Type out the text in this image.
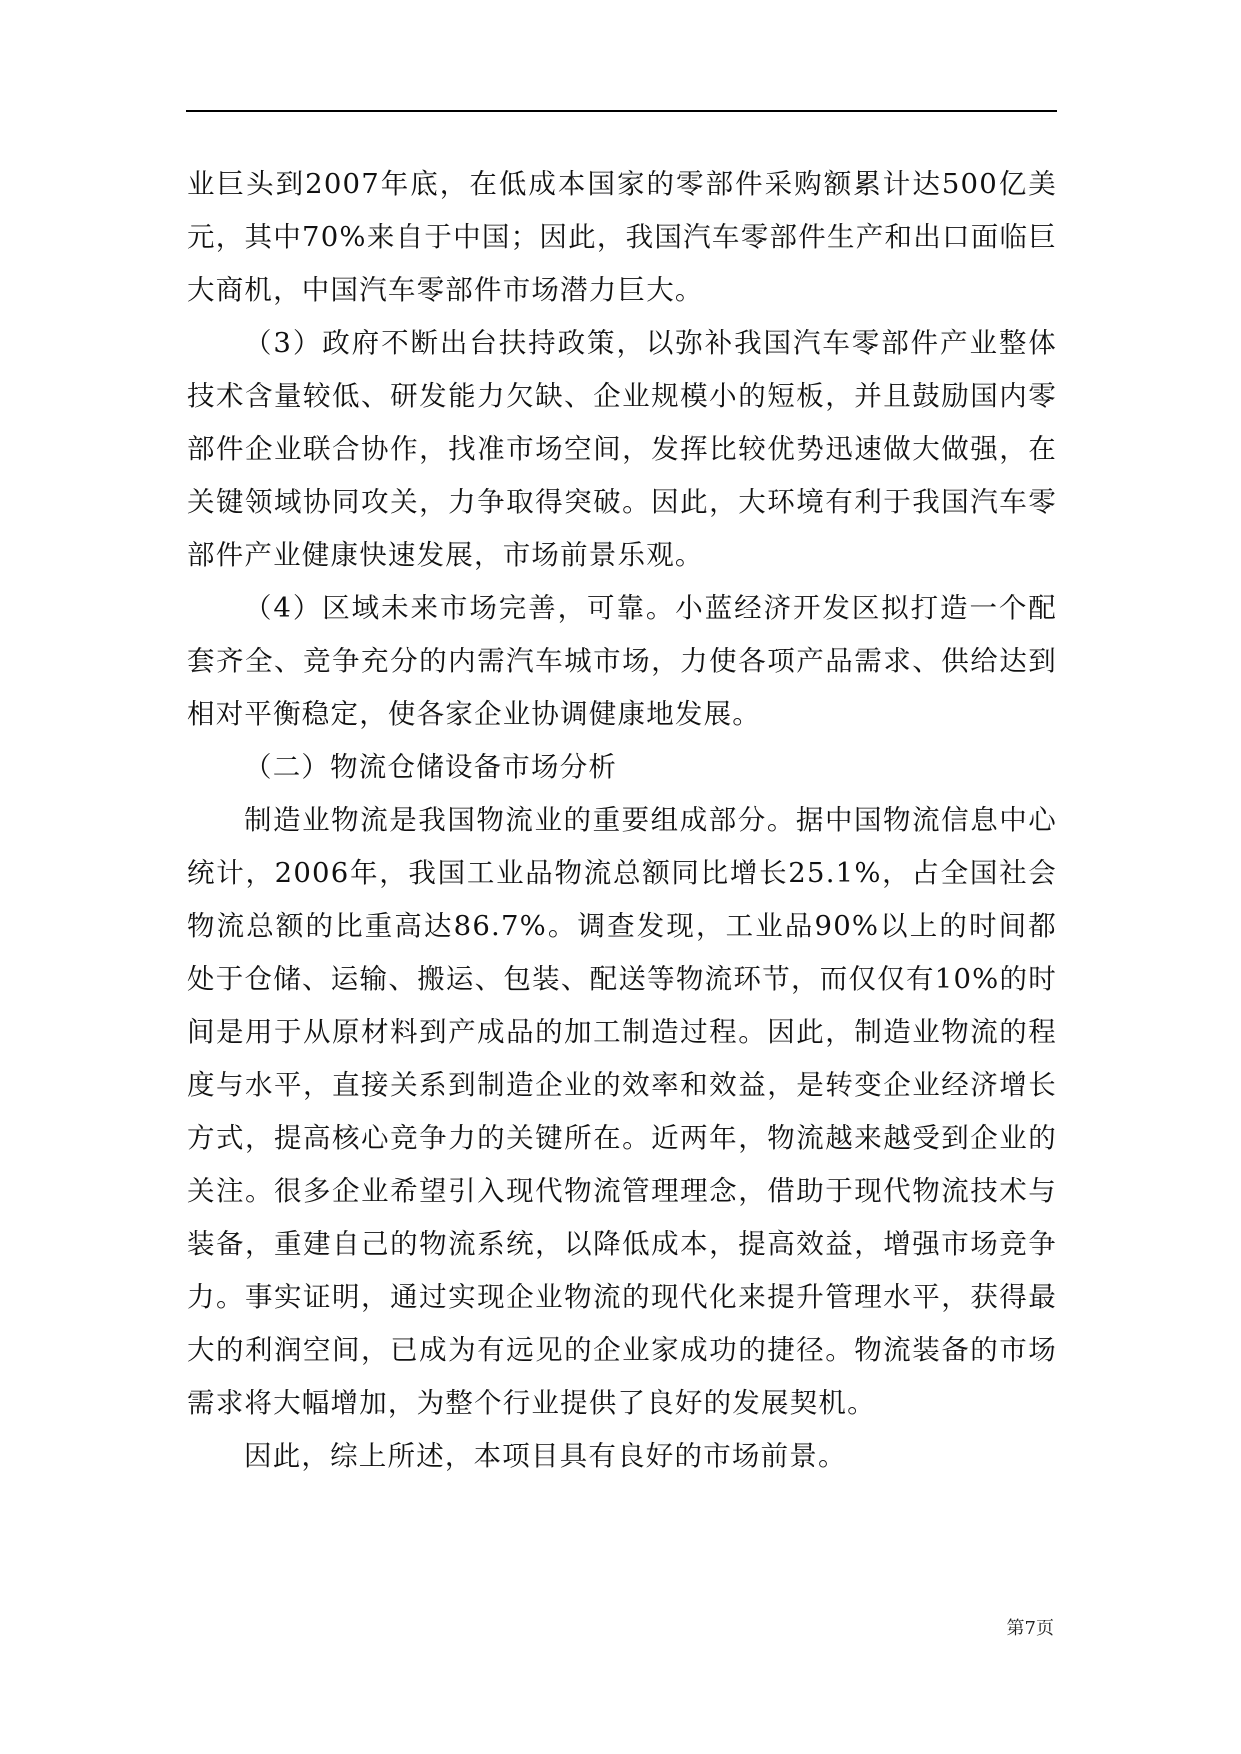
业巨头到2007年底，在低成本国家的零部件采购额累计达500亿美元，其中70%来自于中国；因此，我国汽车零部件生产和出口面临巨大商机，中国汽车零部件市场潜力巨大。

（3）政府不断出台扶持政策，以弥补我国汽车零部件产业整体技术含量较低、研发能力欠缺、企业规模小的短板，并且鼓励国内零部件企业联合协作，找准市场空间，发挥比较优势迅速做大做强，在关键领域协同攻关，力争取得突破。因此，大环境有利于我国汽车零部件产业健康快速发展，市场前景乐观。

（4）区域未来市场完善，可靠。小蓝经济开发区拟打造一个配套齐全、竞争充分的内需汽车城市场，力使各项产品需求、供给达到相对平衡稳定，使各家企业协调健康地发展。

（二）物流仓储设备市场分析

制造业物流是我国物流业的重要组成部分。据中国物流信息中心统计，2006年，我国工业品物流总额同比增长25.1%，占全国社会物流总额的比重高达86.7%。调查发现，工业品90%以上的时间都处于仓储、运输、搬运、包装、配送等物流环节，而仅仅有10%的时间是用于从原材料到产成品的加工制造过程。因此，制造业物流的程度与水平，直接关系到制造企业的效率和效益，是转变企业经济增长方式，提高核心竞争力的关键所在。近两年，物流越来越受到企业的关注。很多企业希望引入现代物流管理理念，借助于现代物流技术与装备，重建自己的物流系统，以降低成本，提高效益，增强市场竞争力。事实证明，通过实现企业物流的现代化来提升管理水平，获得最大的利润空间，已成为有远见的企业家成功的捷径。物流装备的市场需求将大幅增加，为整个行业提供了良好的发展契机。

因此，综上所述，本项目具有良好的市场前景。

第7页
